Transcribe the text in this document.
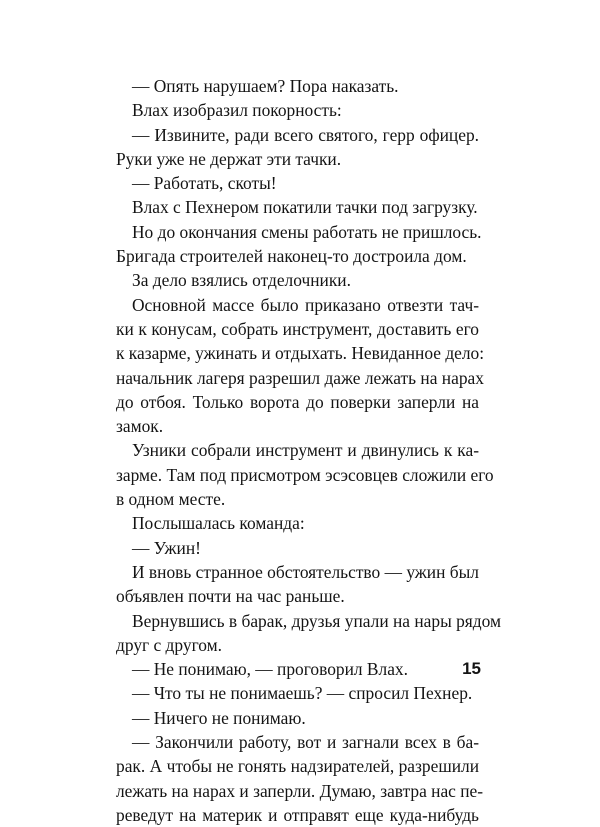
— Опять нарушаем? Пора наказать.
Влах изобразил покорность:
— Извините, ради всего святого, герр офицер.
Руки уже не держат эти тачки.
— Работать, скоты!
Влах с Пехнером покатили тачки под загрузку.
Но до окончания смены работать не пришлось.
Бригада строителей наконец-то достроила дом.
За дело взялись отделочники.
Основной массе было приказано отвезти тач-
ки к конусам, собрать инструмент, доставить его
к казарме, ужинать и отдыхать. Невиданное дело:
начальник лагеря разрешил даже лежать на нарах
до отбоя. Только ворота до поверки заперли на
замок.
Узники собрали инструмент и двинулись к ка-
зарме. Там под присмотром эсэсовцев сложили его
в одном месте.
Послышалась команда:
— Ужин!
И вновь странное обстоятельство — ужин был
объявлен почти на час раньше.
Вернувшись в барак, друзья упали на нары рядом
друг с другом.
— Не понимаю, — проговорил Влах.
— Что ты не понимаешь? — спросил Пехнер.
— Ничего не понимаю.
— Закончили работу, вот и загнали всех в ба-
рак. А чтобы не гонять надзирателей, разрешили
лежать на нарах и заперли. Думаю, завтра нас пе-
реведут на материк и отправят еще куда-нибудь
15
